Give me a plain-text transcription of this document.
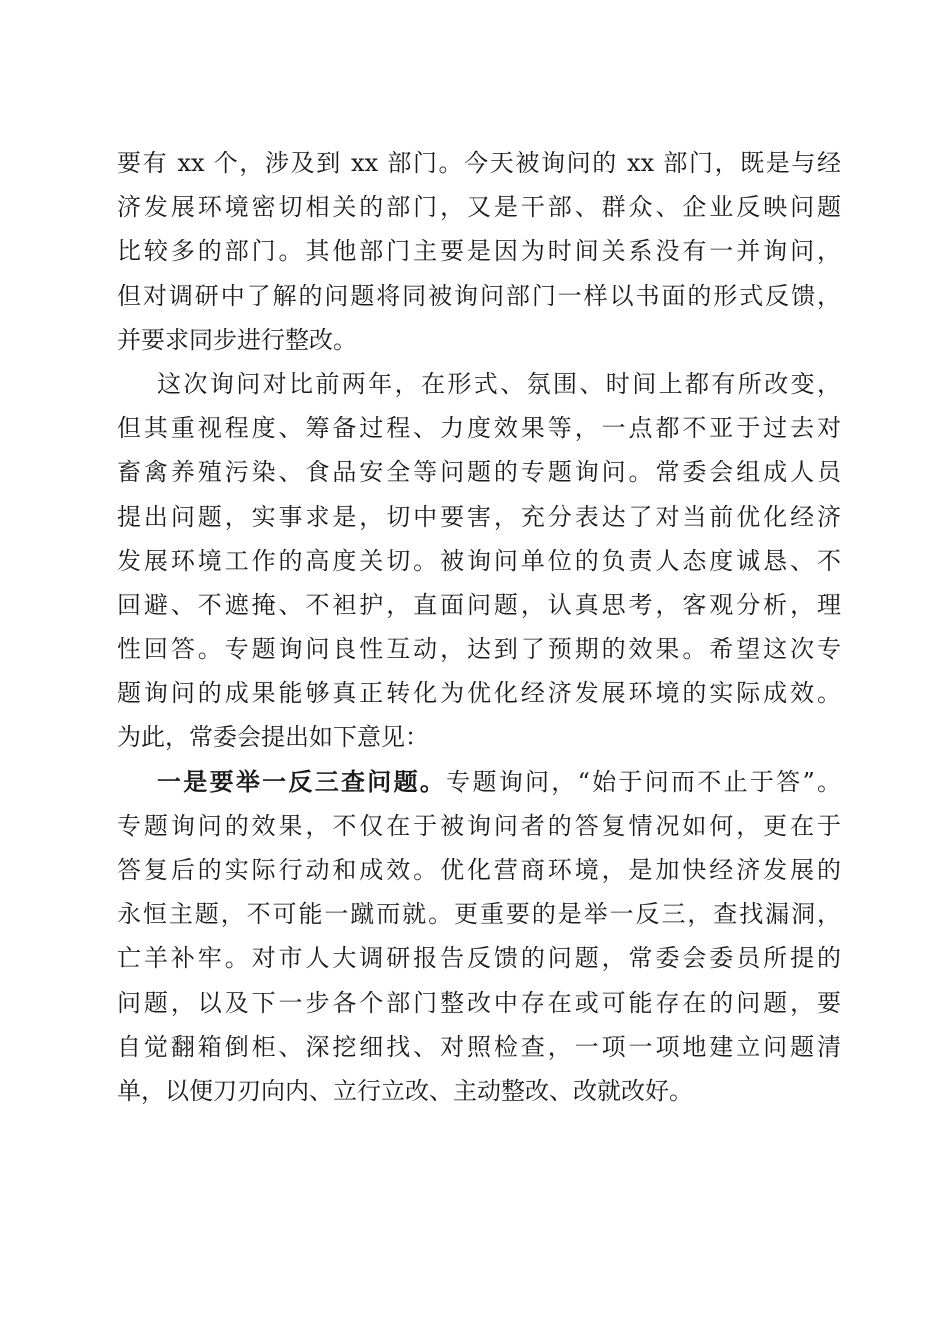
要有 xx 个，涉及到 xx 部门。今天被询问的 xx 部门，既是与经
济发展环境密切相关的部门，又是干部、群众、企业反映问题
比较多的部门。其他部门主要是因为时间关系没有一并询问，
但对调研中了解的问题将同被询问部门一样以书面的形式反馈，
并要求同步进行整改。
这次询问对比前两年，在形式、氛围、时间上都有所改变，
但其重视程度、筹备过程、力度效果等，一点都不亚于过去对
畜禽养殖污染、食品安全等问题的专题询问。常委会组成人员
提出问题，实事求是，切中要害，充分表达了对当前优化经济
发展环境工作的高度关切。被询问单位的负责人态度诚恳、不
回避、不遮掩、不袒护，直面问题，认真思考，客观分析，理
性回答。专题询问良性互动，达到了预期的效果。希望这次专
题询问的成果能够真正转化为优化经济发展环境的实际成效。
为此，常委会提出如下意见：
一是要举一反三查问题。专题询问，“始于问而不止于答”。
专题询问的效果，不仅在于被询问者的答复情况如何，更在于
答复后的实际行动和成效。优化营商环境，是加快经济发展的
永恒主题，不可能一蹴而就。更重要的是举一反三，查找漏洞，
亡羊补牢。对市人大调研报告反馈的问题，常委会委员所提的
问题，以及下一步各个部门整改中存在或可能存在的问题，要
自觉翻箱倒柜、深挖细找、对照检查，一项一项地建立问题清
单，以便刀刃向内、立行立改、主动整改、改就改好。
